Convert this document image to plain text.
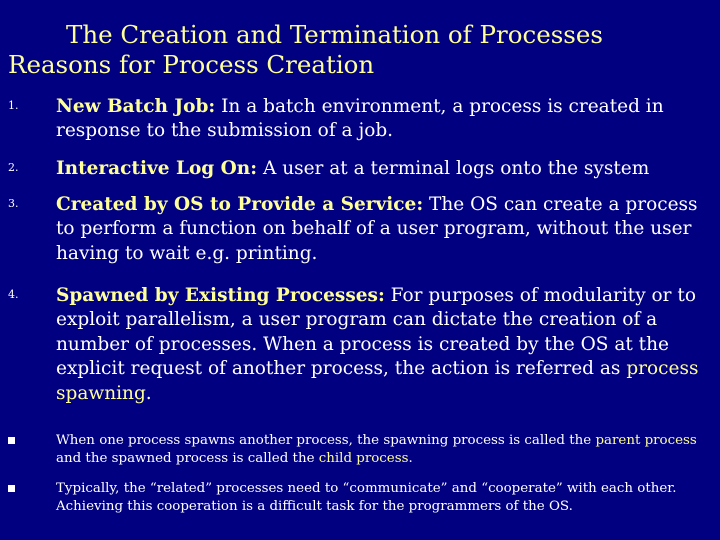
The Creation and Termination of Processes
Reasons for Process Creation
1. New Batch Job: In a batch environment, a process is created in response to the submission of a job.
2. Interactive Log On: A user at a terminal logs onto the system
3. Created by OS to Provide a Service: The OS can create a process to perform a function on behalf of a user program, without the user having to wait e.g. printing.
4. Spawned by Existing Processes: For purposes of modularity or to exploit parallelism, a user program can dictate the creation of a number of processes. When a process is created by the OS at the explicit request of another process, the action is referred as process spawning.
When one process spawns another process, the spawning process is called the parent process and the spawned process is called the child process.
Typically, the “related” processes need to “communicate” and “cooperate” with each other. Achieving this cooperation is a difficult task for the programmers of the OS.
